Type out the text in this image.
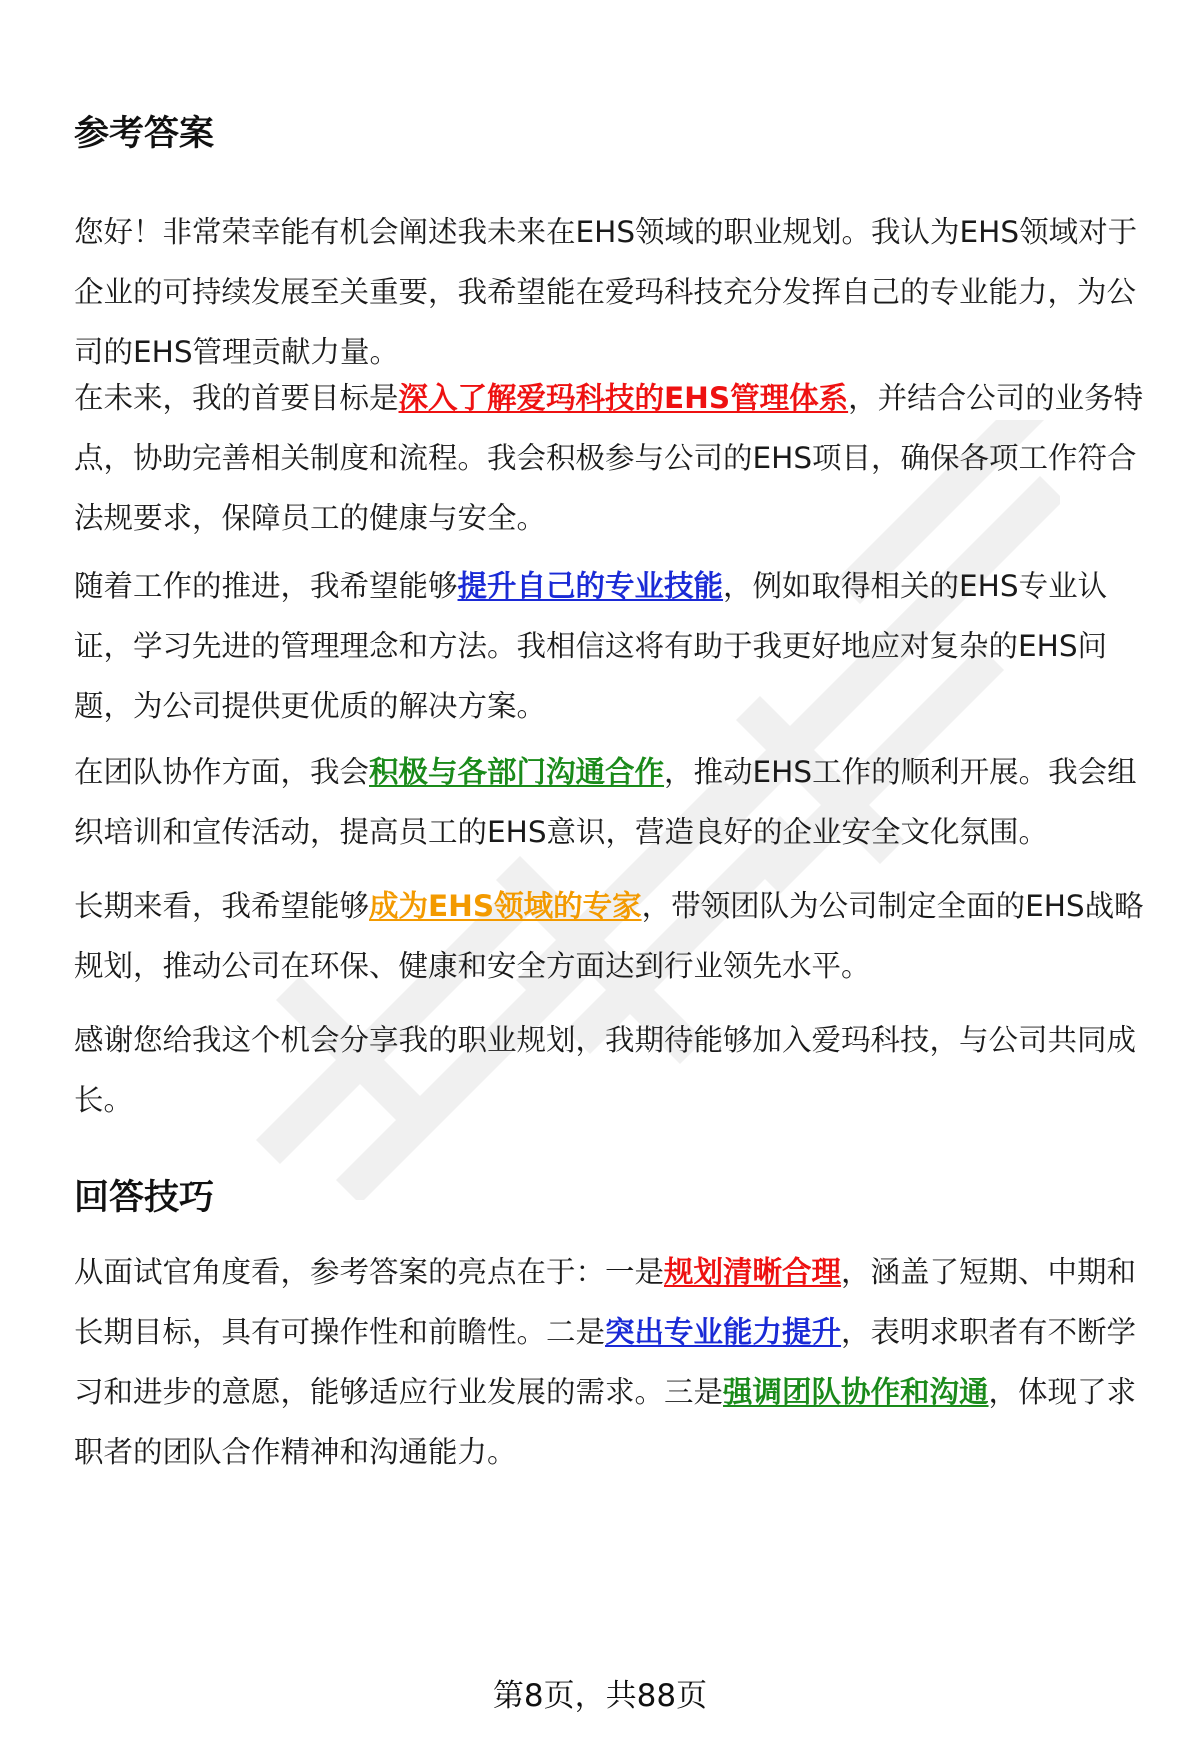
参考答案

您好！非常荣幸能有机会阐述我未来在EHS领域的职业规划。我认为EHS领域对于企业的可持续发展至关重要，我希望能在爱玛科技充分发挥自己的专业能力，为公司的EHS管理贡献力量。

在未来，我的首要目标是深入了解爱玛科技的EHS管理体系，并结合公司的业务特点，协助完善相关制度和流程。我会积极参与公司的EHS项目，确保各项工作符合法规要求，保障员工的健康与安全。

随着工作的推进，我希望能够提升自己的专业技能，例如取得相关的EHS专业认证，学习先进的管理理念和方法。我相信这将有助于我更好地应对复杂的EHS问题，为公司提供更优质的解决方案。

在团队协作方面，我会积极与各部门沟通合作，推动EHS工作的顺利开展。我会组织培训和宣传活动，提高员工的EHS意识，营造良好的企业安全文化氛围。

长期来看，我希望能够成为EHS领域的专家，带领团队为公司制定全面的EHS战略规划，推动公司在环保、健康和安全方面达到行业领先水平。

感谢您给我这个机会分享我的职业规划，我期待能够加入爱玛科技，与公司共同成长。

回答技巧

从面试官角度看，参考答案的亮点在于：一是规划清晰合理，涵盖了短期、中期和长期目标，具有可操作性和前瞻性。二是突出专业能力提升，表明求职者有不断学习和进步的意愿，能够适应行业发展的需求。三是强调团队协作和沟通，体现了求职者的团队合作精神和沟通能力。

第8页，共88页
